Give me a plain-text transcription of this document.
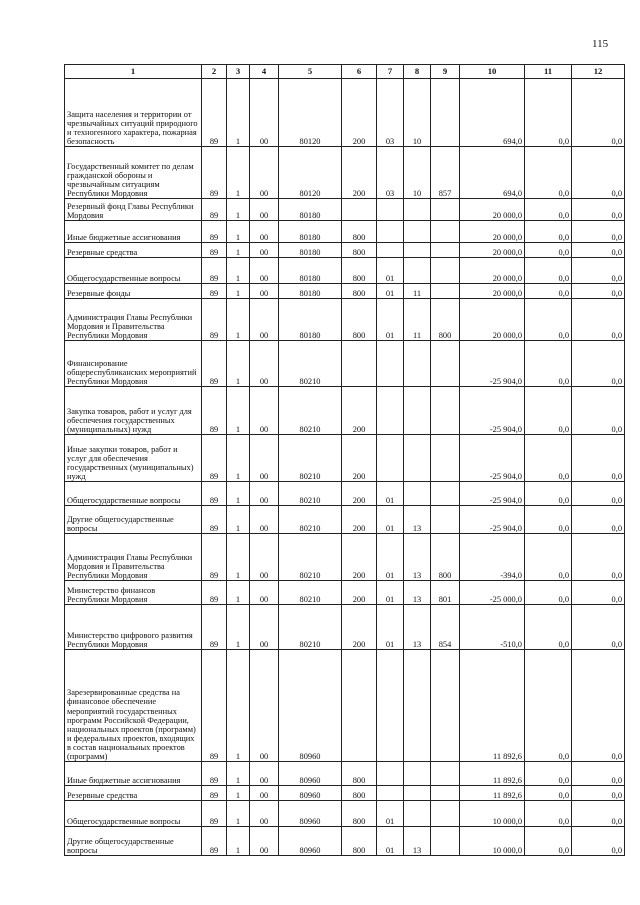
115
1	2	3	4	5	6	7	8	9	10	11	12
Защита населения и территории от чрезвычайных ситуаций природного и техногенного характера, пожарная безопасность	89	1	00	80120	200	03	10		694,0	0,0	0,0
Государственный комитет по делам гражданской обороны и чрезвычайным ситуациям Республики Мордовия	89	1	00	80120	200	03	10	857	694,0	0,0	0,0
Резервный фонд Главы Республики Мордовия	89	1	00	80180					20 000,0	0,0	0,0
Иные бюджетные ассигнования	89	1	00	80180	800				20 000,0	0,0	0,0
Резервные средства	89	1	00	80180	800				20 000,0	0,0	0,0
Общегосударственные вопросы	89	1	00	80180	800	01			20 000,0	0,0	0,0
Резервные фонды	89	1	00	80180	800	01	11		20 000,0	0,0	0,0
Администрация Главы Республики Мордовия и Правительства Республики Мордовия	89	1	00	80180	800	01	11	800	20 000,0	0,0	0,0
Финансирование общереспубликанских мероприятий Республики Мордовия	89	1	00	80210					-25 904,0	0,0	0,0
Закупка товаров, работ и услуг для обеспечения государственных (муниципальных) нужд	89	1	00	80210	200				-25 904,0	0,0	0,0
Иные закупки товаров, работ и услуг для обеспечения государственных (муниципальных) нужд	89	1	00	80210	200				-25 904,0	0,0	0,0
Общегосударственные вопросы	89	1	00	80210	200	01			-25 904,0	0,0	0,0
Другие общегосударственные вопросы	89	1	00	80210	200	01	13		-25 904,0	0,0	0,0
Администрация Главы Республики Мордовия и Правительства Республики Мордовия	89	1	00	80210	200	01	13	800	-394,0	0,0	0,0
Министерство финансов Республики Мордовия	89	1	00	80210	200	01	13	801	-25 000,0	0,0	0,0
Министерство цифрового развития Республики Мордовия	89	1	00	80210	200	01	13	854	-510,0	0,0	0,0
Зарезервированные средства на финансовое обеспечение мероприятий государственных программ Российской Федерации, национальных проектов (программ) и федеральных проектов, входящих в состав национальных проектов (программ)	89	1	00	80960					11 892,6	0,0	0,0
Иные бюджетные ассигнования	89	1	00	80960	800				11 892,6	0,0	0,0
Резервные средства	89	1	00	80960	800				11 892,6	0,0	0,0
Общегосударственные вопросы	89	1	00	80960	800	01			10 000,0	0,0	0,0
Другие общегосударственные вопросы	89	1	00	80960	800	01	13		10 000,0	0,0	0,0
